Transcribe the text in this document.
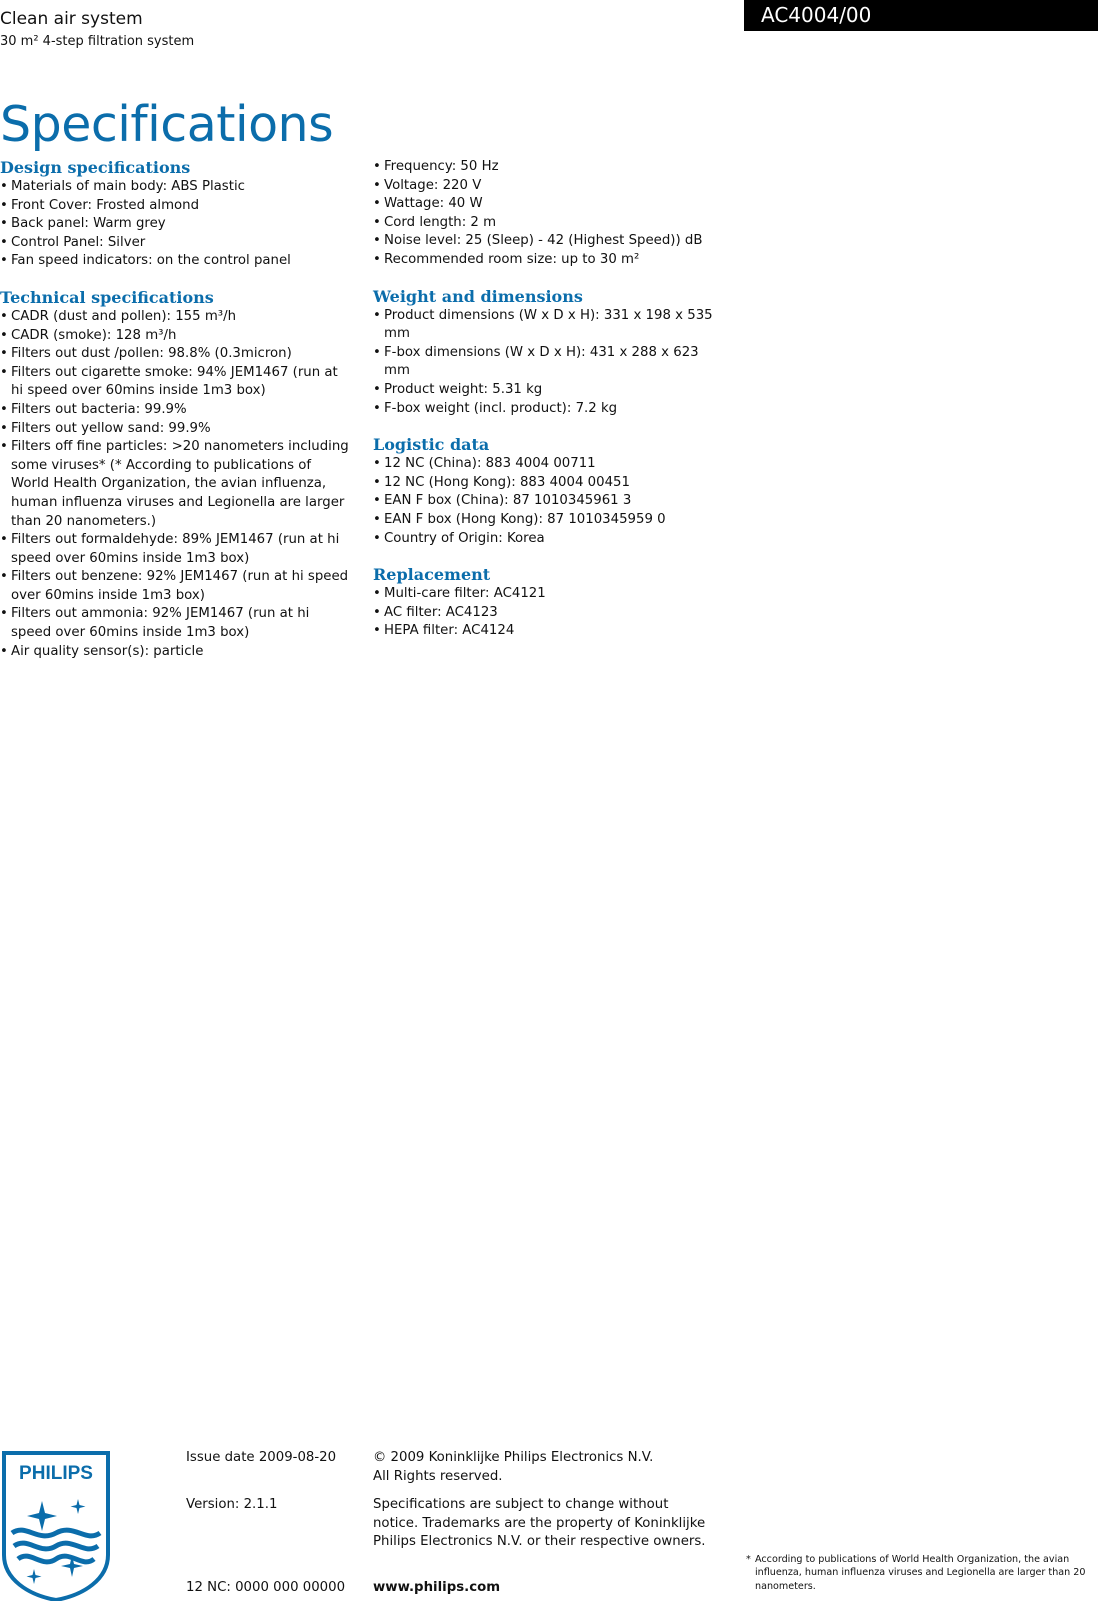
Clean air system
30 m² 4-step filtration system
AC4004/00
Specifications
Design specifications
• Materials of main body: ABS Plastic
• Front Cover: Frosted almond
• Back panel: Warm grey
• Control Panel: Silver
• Fan speed indicators: on the control panel
Technical specifications
• CADR (dust and pollen): 155 m³/h
• CADR (smoke): 128 m³/h
• Filters out dust /pollen: 98.8% (0.3micron)
• Filters out cigarette smoke: 94% JEM1467 (run at hi speed over 60mins inside 1m3 box)
• Filters out bacteria: 99.9%
• Filters out yellow sand: 99.9%
• Filters off fine particles: >20 nanometers including some viruses* (* According to publications of World Health Organization, the avian influenza, human influenza viruses and Legionella are larger than 20 nanometers.)
• Filters out formaldehyde: 89% JEM1467 (run at hi speed over 60mins inside 1m3 box)
• Filters out benzene: 92% JEM1467 (run at hi speed over 60mins inside 1m3 box)
• Filters out ammonia: 92% JEM1467 (run at hi speed over 60mins inside 1m3 box)
• Air quality sensor(s): particle
• Frequency: 50 Hz
• Voltage: 220 V
• Wattage: 40 W
• Cord length: 2 m
• Noise level: 25 (Sleep) - 42 (Highest Speed)) dB
• Recommended room size: up to 30 m²
Weight and dimensions
• Product dimensions (W x D x H): 331 x 198 x 535 mm
• F-box dimensions (W x D x H): 431 x 288 x 623 mm
• Product weight: 5.31 kg
• F-box weight (incl. product): 7.2 kg
Logistic data
• 12 NC (China): 883 4004 00711
• 12 NC (Hong Kong): 883 4004 00451
• EAN F box (China): 87 1010345961 3
• EAN F box (Hong Kong): 87 1010345959 0
• Country of Origin: Korea
Replacement
• Multi-care filter: AC4121
• AC filter: AC4123
• HEPA filter: AC4124
PHILIPS
Issue date 2009-08-20
Version: 2.1.1
12 NC: 0000 000 00000
© 2009 Koninklijke Philips Electronics N.V.
All Rights reserved.
Specifications are subject to change without notice. Trademarks are the property of Koninklijke Philips Electronics N.V. or their respective owners.
www.philips.com
* According to publications of World Health Organization, the avian influenza, human influenza viruses and Legionella are larger than 20 nanometers.
